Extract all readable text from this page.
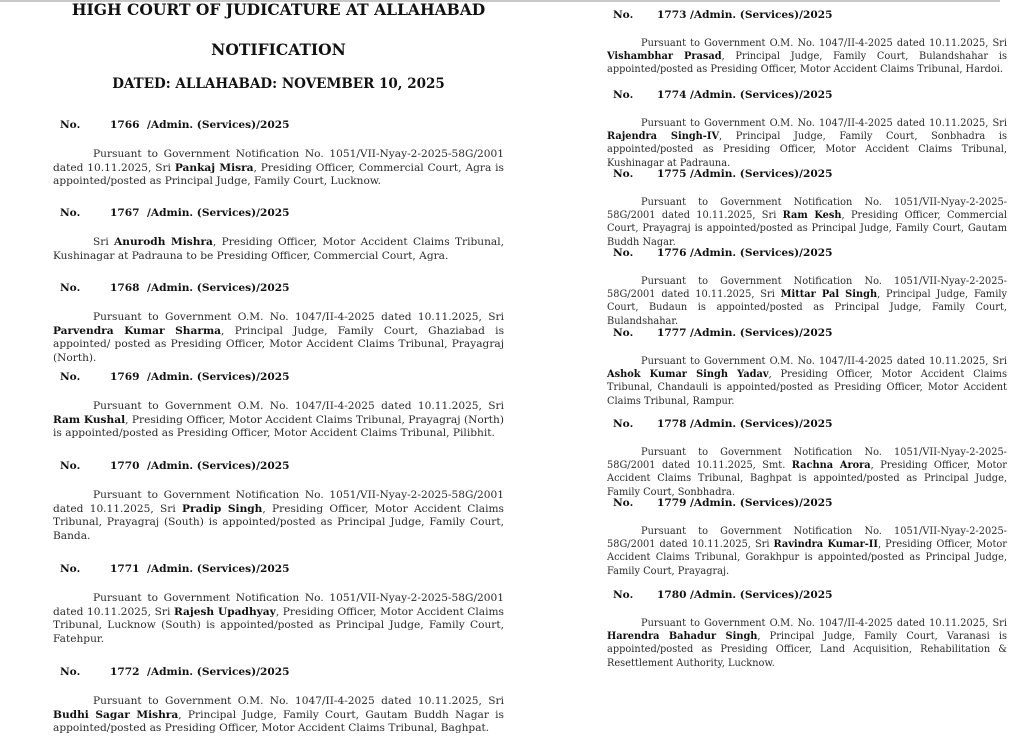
HIGH COURT OF JUDICATURE AT ALLAHABAD
NOTIFICATION
DATED: ALLAHABAD: NOVEMBER 10, 2025
No.	1766 /Admin. (Services)/2025
Pursuant to Government Notification No. 1051/VII-Nyay-2-2025-58G/2001 dated 10.11.2025, Sri Pankaj Misra, Presiding Officer, Commercial Court, Agra is appointed/posted as Principal Judge, Family Court, Lucknow.
No.	1767 /Admin. (Services)/2025
Sri Anurodh Mishra, Presiding Officer, Motor Accident Claims Tribunal, Kushinagar at Padrauna to be Presiding Officer, Commercial Court, Agra.
No.	1768 /Admin. (Services)/2025
Pursuant to Government O.M. No. 1047/II-4-2025 dated 10.11.2025, Sri Parvendra Kumar Sharma, Principal Judge, Family Court, Ghaziabad is appointed/ posted as Presiding Officer, Motor Accident Claims Tribunal, Prayagraj (North).
No.	1769 /Admin. (Services)/2025
Pursuant to Government O.M. No. 1047/II-4-2025 dated 10.11.2025, Sri Ram Kushal, Presiding Officer, Motor Accident Claims Tribunal, Prayagraj (North) is appointed/posted as Presiding Officer, Motor Accident Claims Tribunal, Pilibhit.
No.	1770 /Admin. (Services)/2025
Pursuant to Government Notification No. 1051/VII-Nyay-2-2025-58G/2001 dated 10.11.2025, Sri Pradip Singh, Presiding Officer, Motor Accident Claims Tribunal, Prayagraj (South) is appointed/posted as Principal Judge, Family Court, Banda.
No.	1771 /Admin. (Services)/2025
Pursuant to Government Notification No. 1051/VII-Nyay-2-2025-58G/2001 dated 10.11.2025, Sri Rajesh Upadhyay, Presiding Officer, Motor Accident Claims Tribunal, Lucknow (South) is appointed/posted as Principal Judge, Family Court, Fatehpur.
No.	1772 /Admin. (Services)/2025
Pursuant to Government O.M. No. 1047/II-4-2025 dated 10.11.2025, Sri Budhi Sagar Mishra, Principal Judge, Family Court, Gautam Buddh Nagar is appointed/posted as Presiding Officer, Motor Accident Claims Tribunal, Baghpat.
No. 1773 /Admin. (Services)/2025
Pursuant to Government O.M. No. 1047/II-4-2025 dated 10.11.2025, Sri Vishambhar Prasad, Principal Judge, Family Court, Bulandshahar is appointed/posted as Presiding Officer, Motor Accident Claims Tribunal, Hardoi.
No. 1774 /Admin. (Services)/2025
Pursuant to Government O.M. No. 1047/II-4-2025 dated 10.11.2025, Sri Rajendra Singh-IV, Principal Judge, Family Court, Sonbhadra is appointed/posted as Presiding Officer, Motor Accident Claims Tribunal, Kushinagar at Padrauna.
No. 1775 /Admin. (Services)/2025
Pursuant to Government Notification No. 1051/VII-Nyay-2-2025-58G/2001 dated 10.11.2025, Sri Ram Kesh, Presiding Officer, Commercial Court, Prayagraj is appointed/posted as Principal Judge, Family Court, Gautam Buddh Nagar.
No. 1776 /Admin. (Services)/2025
Pursuant to Government Notification No. 1051/VII-Nyay-2-2025-58G/2001 dated 10.11.2025, Sri Mittar Pal Singh, Principal Judge, Family Court, Budaun is appointed/posted as Principal Judge, Family Court, Bulandshahar.
No. 1777 /Admin. (Services)/2025
Pursuant to Government O.M. No. 1047/II-4-2025 dated 10.11.2025, Sri Ashok Kumar Singh Yadav, Presiding Officer, Motor Accident Claims Tribunal, Chandauli is appointed/posted as Presiding Officer, Motor Accident Claims Tribunal, Rampur.
No. 1778 /Admin. (Services)/2025
Pursuant to Government Notification No. 1051/VII-Nyay-2-2025-58G/2001 dated 10.11.2025, Smt. Rachna Arora, Presiding Officer, Motor Accident Claims Tribunal, Baghpat is appointed/posted as Principal Judge, Family Court, Sonbhadra.
No. 1779 /Admin. (Services)/2025
Pursuant to Government Notification No. 1051/VII-Nyay-2-2025-58G/2001 dated 10.11.2025, Sri Ravindra Kumar-II, Presiding Officer, Motor Accident Claims Tribunal, Gorakhpur is appointed/posted as Principal Judge, Family Court, Prayagraj.
No. 1780 /Admin. (Services)/2025
Pursuant to Government O.M. No. 1047/II-4-2025 dated 10.11.2025, Sri Harendra Bahadur Singh, Principal Judge, Family Court, Varanasi is appointed/posted as Presiding Officer, Land Acquisition, Rehabilitation & Resettlement Authority, Lucknow.
